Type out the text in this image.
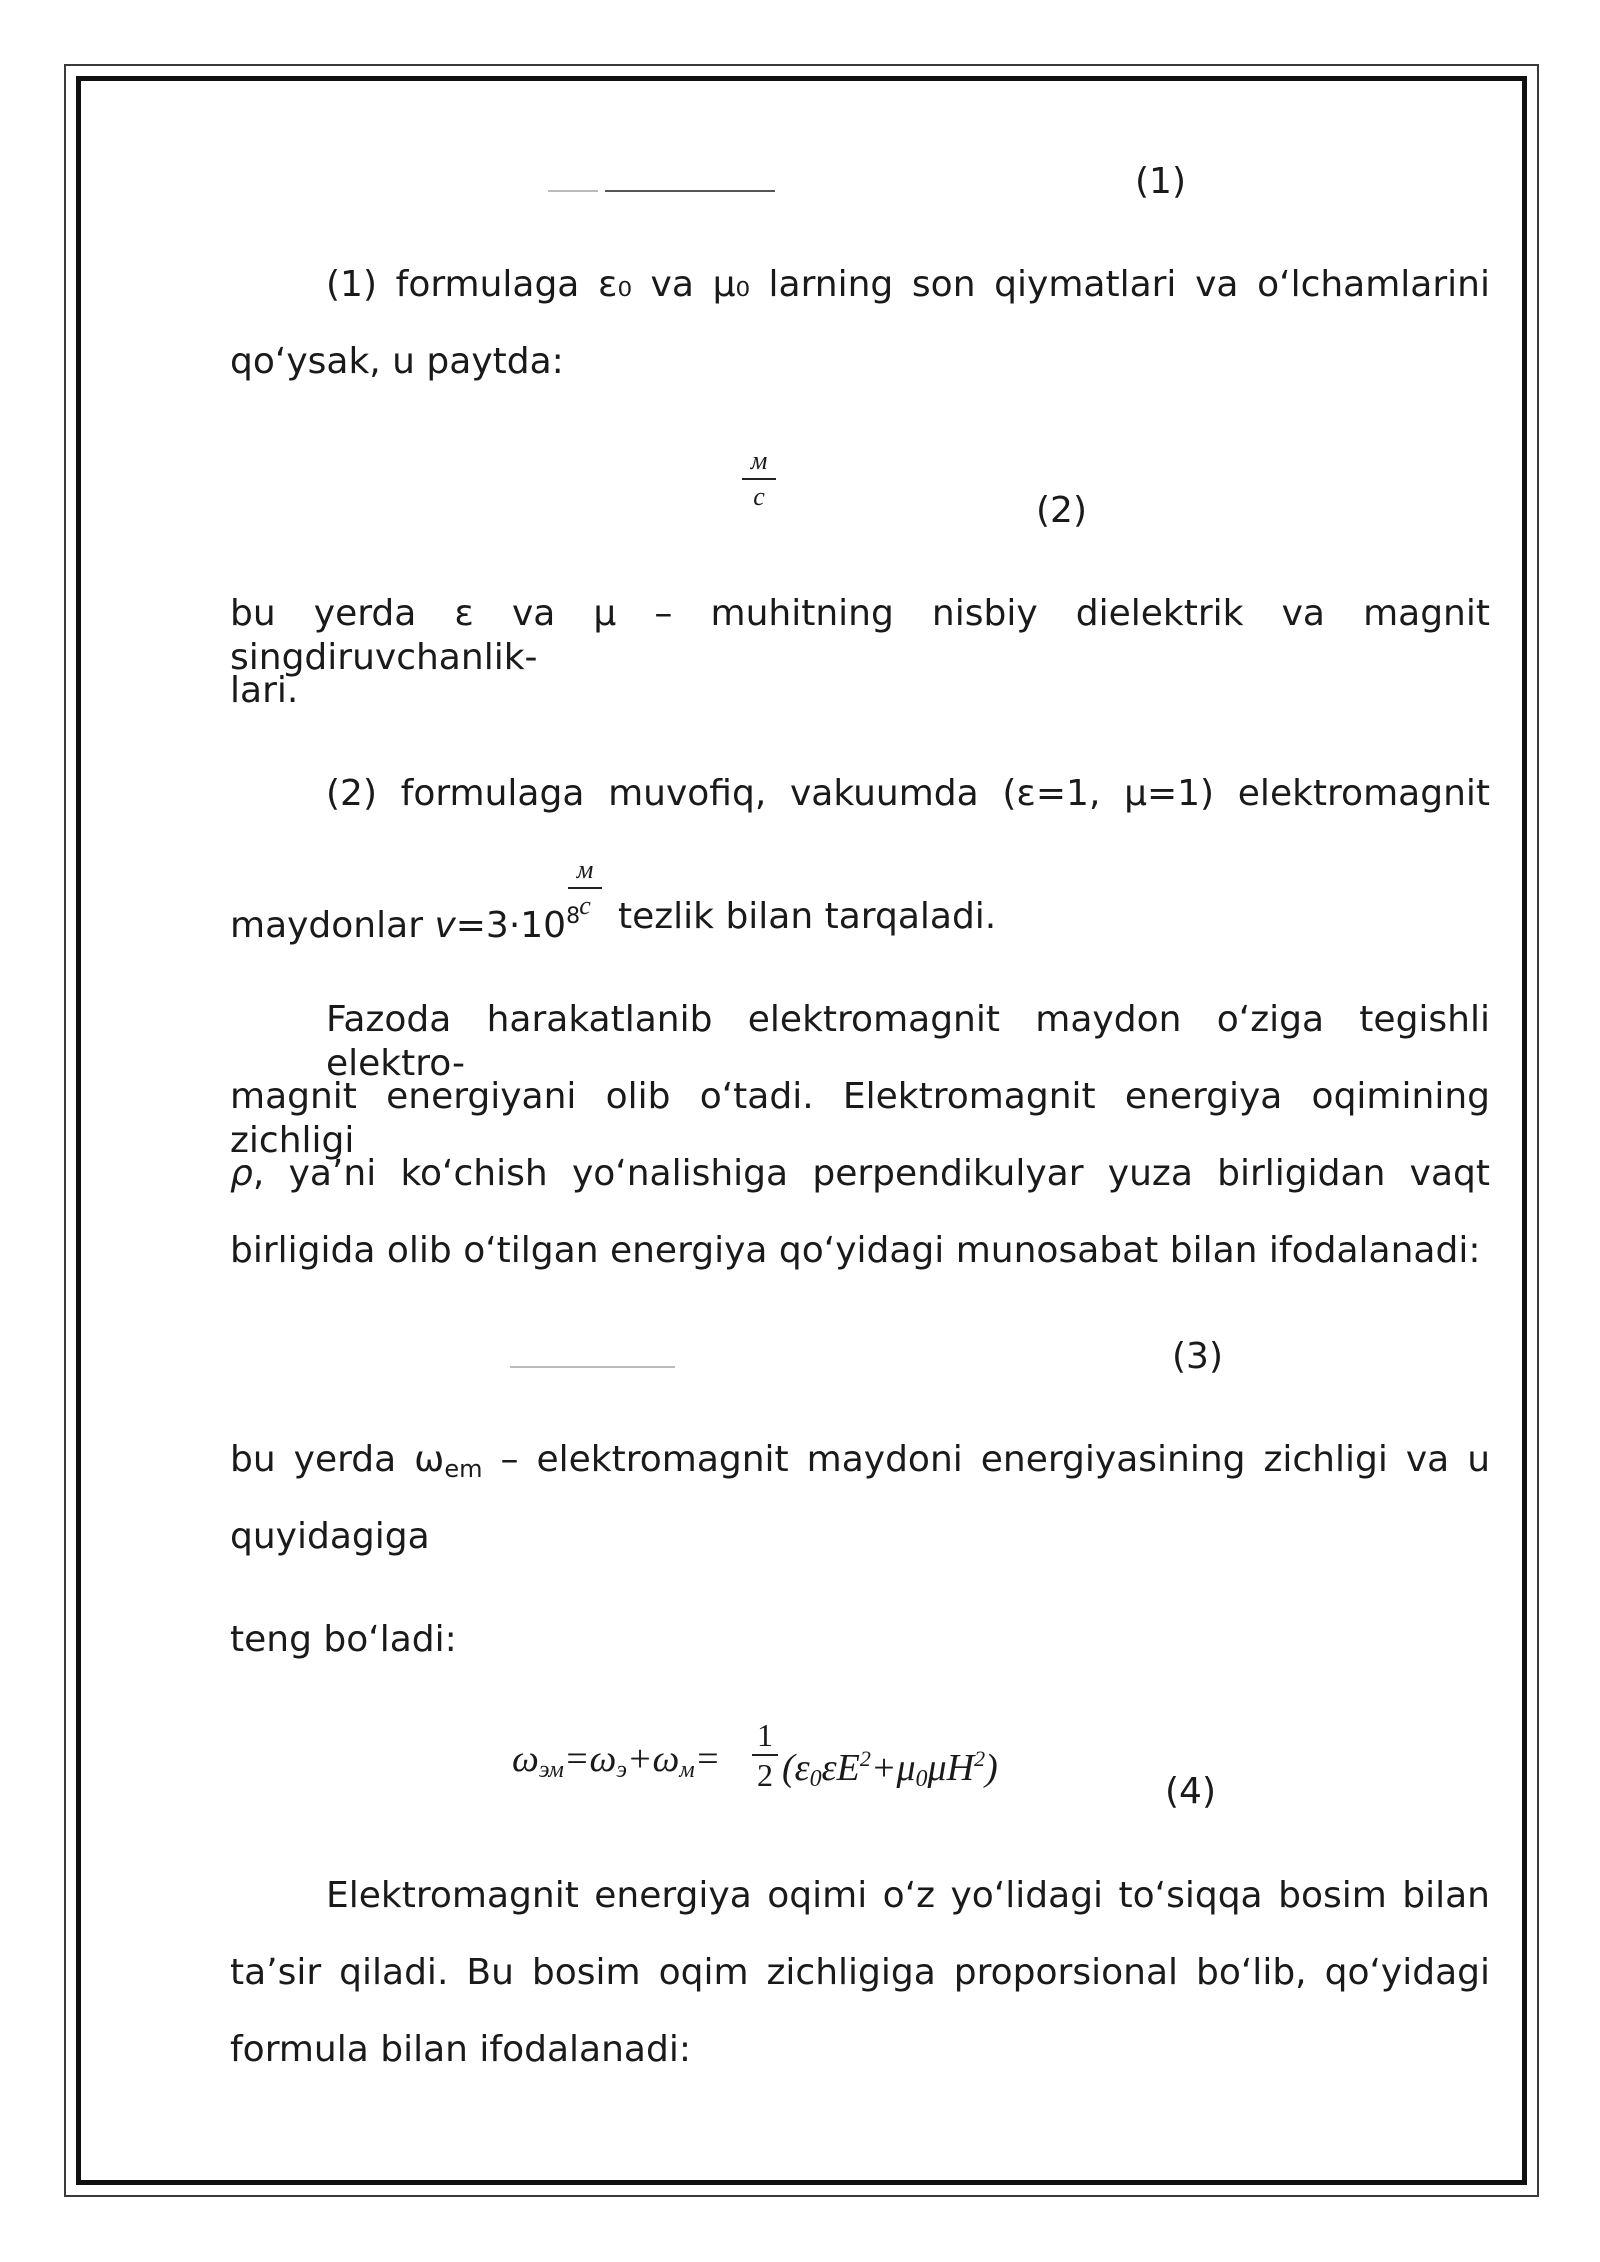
(1)
(1) formulaga ε₀ va μ₀ larning son qiymatlari va o‘lchamlarini
qo‘ysak, u paytda:
м
с	(2)
bu yerda ε va μ – muhitning nisbiy dielektrik va magnit singdiruvchanlik-
lari.
(2) formulaga muvofiq, vakuumda (ε=1, μ=1) elektromagnit
maydonlar $v=3\cdot 10^8$
м
с tezlik bilan tarqaladi.
Fazoda harakatlanib elektromagnit maydon o‘ziga tegishli elektro-
magnit energiyani olib o‘tadi. Elektromagnit energiya oqimining zichligi
ρ, ya’ni ko‘chish yo‘nalishiga perpendikulyar yuza birligidan vaqt
birligida olib o‘tilgan energiya qo‘yidagi munosabat bilan ifodalanadi:
(3)
bu yerda ωem – elektromagnit maydoni energiyasining zichligi va u
quyidagiga
teng bo‘ladi:
ωэм=ωэ+ωм=
1
2 $(\varepsilon 0\varepsilon E^2+\mu 0\mu H^2)$
(4)
Elektromagnit energiya oqimi o‘z yo‘lidagi to‘siqqa bosim bilan
ta’sir qiladi. Bu bosim oqim zichligiga proporsional bo‘lib, qo‘yidagi
formula bilan ifodalanadi:
